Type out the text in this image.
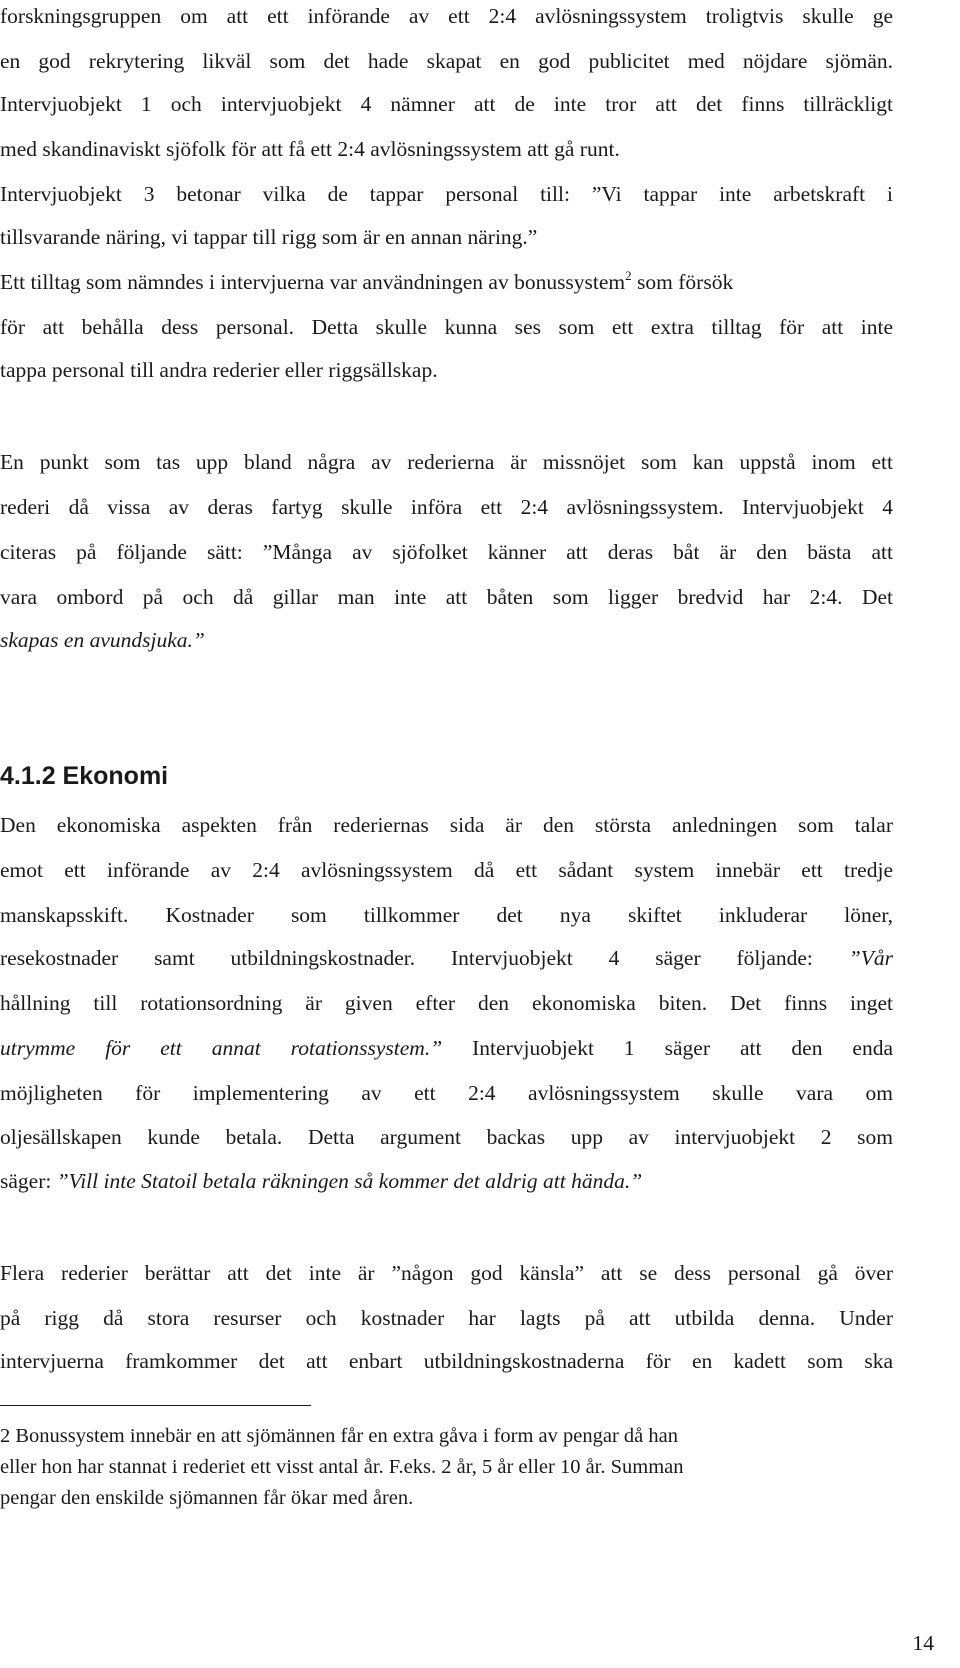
forskningsgruppen om att ett införande av ett 2:4 avlösningssystem troligtvis skulle ge
en god rekrytering likväl som det hade skapat en god publicitet med nöjdare sjömän.
Intervjuobjekt 1 och intervjuobjekt 4 nämner att de inte tror att det finns tillräckligt
med skandinaviskt sjöfolk för att få ett 2:4 avlösningssystem att gå runt.
Intervjuobjekt 3 betonar vilka de tappar personal till: ”Vi tappar inte arbetskraft i
tillsvarande näring, vi tappar till rigg som är en annan näring.”
Ett tilltag som nämndes i intervjuerna var användningen av bonussystem$^2$ som försök
för att behålla dess personal. Detta skulle kunna ses som ett extra tilltag för att inte
tappa personal till andra rederier eller riggsällskap.
En punkt som tas upp bland några av rederierna är missnöjet som kan uppstå inom ett
rederi då vissa av deras fartyg skulle införa ett 2:4 avlösningssystem. Intervjuobjekt 4
citeras på följande sätt: ”Många av sjöfolket känner att deras båt är den bästa att
vara ombord på och då gillar man inte att båten som ligger bredvid har 2:4. Det
skapas en avundsjuka.”
4.1.2 Ekonomi
Den ekonomiska aspekten från rederiernas sida är den största anledningen som talar
emot ett införande av 2:4 avlösningssystem då ett sådant system innebär ett tredje
manskapsskift. Kostnader som tillkommer det nya skiftet inkluderar löner,
resekostnader samt utbildningskostnader. Intervjuobjekt 4 säger följande: ”Vår
hållning till rotationsordning är given efter den ekonomiska biten. Det finns inget
utrymme för ett annat rotationssystem.” Intervjuobjekt 1 säger att den enda
möjligheten för implementering av ett 2:4 avlösningssystem skulle vara om
oljesällskapen kunde betala. Detta argument backas upp av intervjuobjekt 2 som
säger: ”Vill inte Statoil betala räkningen så kommer det aldrig att hända.”
Flera rederier berättar att det inte är ”någon god känsla” att se dess personal gå över
på rigg då stora resurser och kostnader har lagts på att utbilda denna. Under
intervjuerna framkommer det att enbart utbildningskostnaderna för en kadett som ska
2 Bonussystem innebär en att sjömännen får en extra gåva i form av pengar då han
eller hon har stannat i rederiet ett visst antal år. F.eks. 2 år, 5 år eller 10 år. Summan
pengar den enskilde sjömannen får ökar med åren.
14
